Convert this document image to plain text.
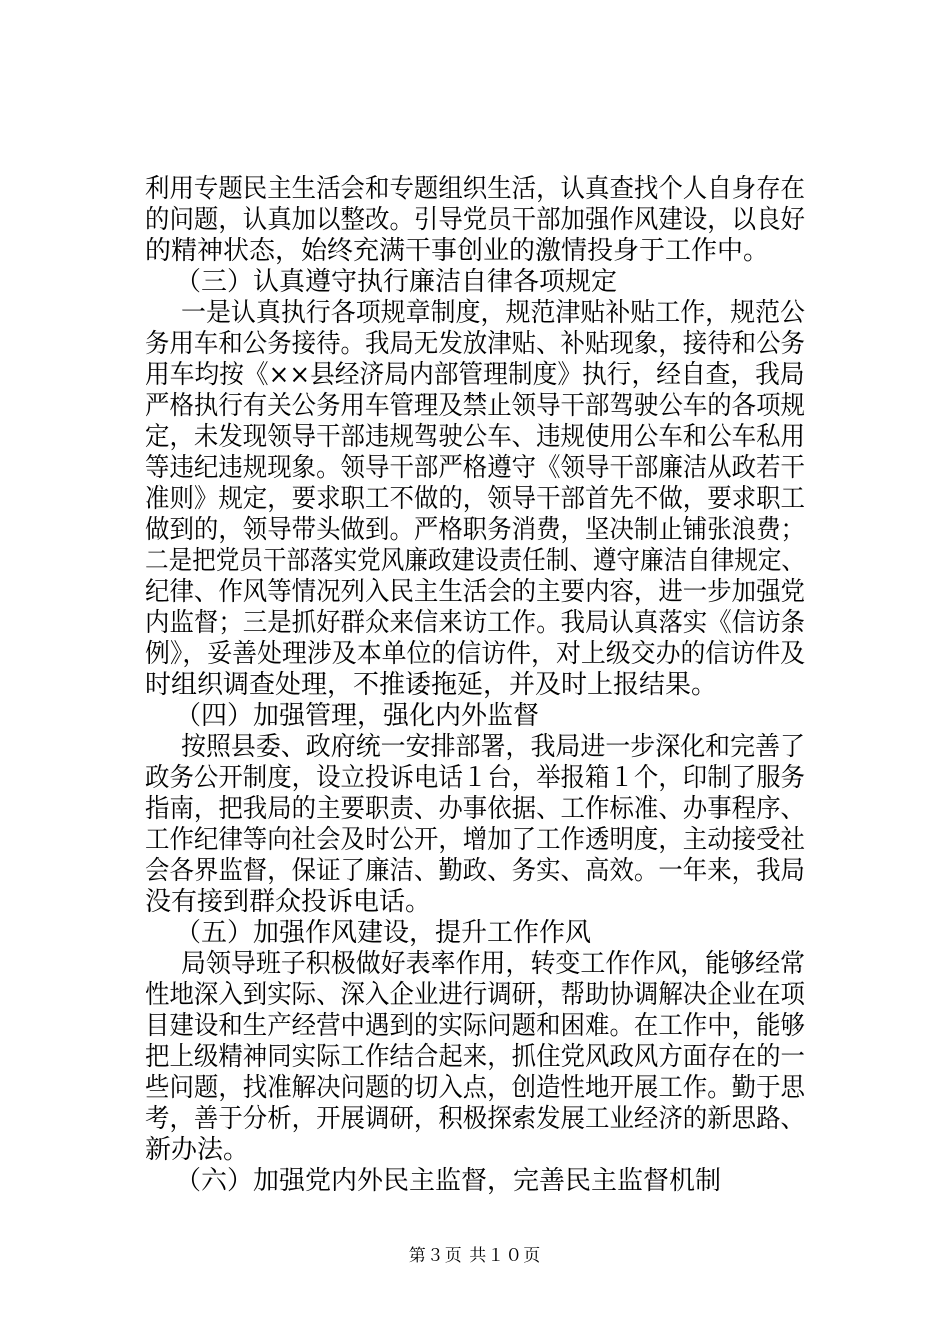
利用专题民主生活会和专题组织生活，认真查找个人自身存在
的问题，认真加以整改。引导党员干部加强作风建设，以良好
的精神状态，始终充满干事创业的激情投身于工作中。
（三）认真遵守执行廉洁自律各项规定
一是认真执行各项规章制度，规范津贴补贴工作，规范公
务用车和公务接待。我局无发放津贴、补贴现象，接待和公务
用车均按《××县经济局内部管理制度》执行，经自查，我局
严格执行有关公务用车管理及禁止领导干部驾驶公车的各项规
定，未发现领导干部违规驾驶公车、违规使用公车和公车私用
等违纪违规现象。领导干部严格遵守《领导干部廉洁从政若干
准则》规定，要求职工不做的，领导干部首先不做，要求职工
做到的，领导带头做到。严格职务消费，坚决制止铺张浪费；
二是把党员干部落实党风廉政建设责任制、遵守廉洁自律规定、
纪律、作风等情况列入民主生活会的主要内容，进一步加强党
内监督；三是抓好群众来信来访工作。我局认真落实《信访条
例》，妥善处理涉及本单位的信访件，对上级交办的信访件及
时组织调查处理，不推诿拖延，并及时上报结果。
（四）加强管理，强化内外监督
按照县委、政府统一安排部署，我局进一步深化和完善了
政务公开制度，设立投诉电话１台，举报箱１个，印制了服务
指南，把我局的主要职责、办事依据、工作标准、办事程序、
工作纪律等向社会及时公开，增加了工作透明度，主动接受社
会各界监督，保证了廉洁、勤政、务实、高效。一年来，我局
没有接到群众投诉电话。
（五）加强作风建设，提升工作作风
局领导班子积极做好表率作用，转变工作作风，能够经常
性地深入到实际、深入企业进行调研，帮助协调解决企业在项
目建设和生产经营中遇到的实际问题和困难。在工作中，能够
把上级精神同实际工作结合起来，抓住党风政风方面存在的一
些问题，找准解决问题的切入点，创造性地开展工作。勤于思
考，善于分析，开展调研，积极探索发展工业经济的新思路、
新办法。
（六）加强党内外民主监督，完善民主监督机制
第３页 共１０页
